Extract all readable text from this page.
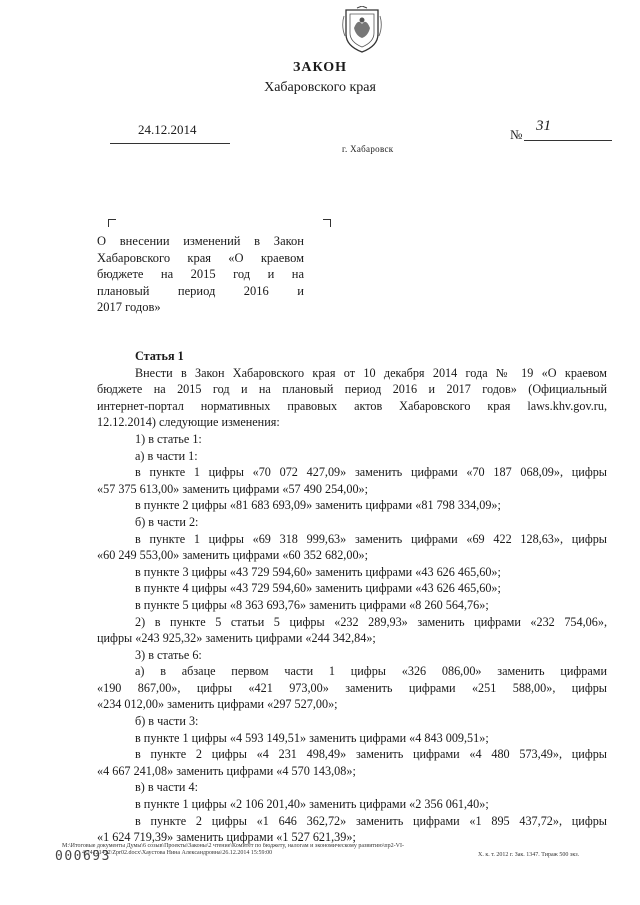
ЗАКОН
Хабаровского края
24.12.2014	№
31
г. Хабаровск
О внесении изменений в Закон
Хабаровского края «О краевом
бюджете на 2015 год и на
плановый период 2016 и
2017 годов»
Статья 1
Внести в Закон Хабаровского края от 10 декабря 2014 года № 19 «О краевом
бюджете на 2015 год и на плановый период 2016 и 2017 годов» (Официальный
интернет-портал нормативных правовых актов Хабаровского края laws.khv.gov.ru,
12.12.2014) следующие изменения:
1) в статье 1:
а) в части 1:
в пункте 1 цифры «70 072 427,09» заменить цифрами «70 187 068,09», цифры
«57 375 613,00» заменить цифрами «57 490 254,00»;
в пункте 2 цифры «81 683 693,09» заменить цифрами «81 798 334,09»;
б) в части 2:
в пункте 1 цифры «69 318 999,63» заменить цифрами «69 422 128,63», цифры
«60 249 553,00» заменить цифрами «60 352 682,00»;
в пункте 3 цифры «43 729 594,60» заменить цифрами «43 626 465,60»;
в пункте 4 цифры «43 729 594,60» заменить цифрами «43 626 465,60»;
в пункте 5 цифры «8 363 693,76» заменить цифрами «8 260 564,76»;
2) в пункте 5 статьи 5 цифры «232 289,93» заменить цифрами «232 754,06»,
цифры «243 925,32» заменить цифрами «244 342,84»;
3) в статье 6:
а) в абзаце первом части 1 цифры «326 086,00» заменить цифрами
«190 867,00», цифры «421 973,00» заменить цифрами «251 588,00», цифры
«234 012,00» заменить цифрами «297 527,00»;
б) в части 3:
в пункте 1 цифры «4 593 149,51» заменить цифрами «4 843 009,51»;
в пункте 2 цифры «4 231 498,49» заменить цифрами «4 480 573,49», цифры
«4 667 241,08» заменить цифрами «4 570 143,08»;
в) в части 4:
в пункте 1 цифры «2 106 201,40» заменить цифрами «2 356 061,40»;
в пункте 2 цифры «1 646 362,72» заменить цифрами «1 895 437,72», цифры
«1 624 719,39» заменить цифрами «1 527 621,39»;
000693
M:\Итоговые документы Думы\6 созыв\Проекты\Законы\2 чтение\Комитет по бюджету, налогам и экономическому развитию\пр2-VI-
4\24121412\Zpr02.docx\Хаустова Нина Александровна\26.12.2014 15:59:00	Х. к. т. 2012 г. Зак. 1347. Тираж 500 экз.
